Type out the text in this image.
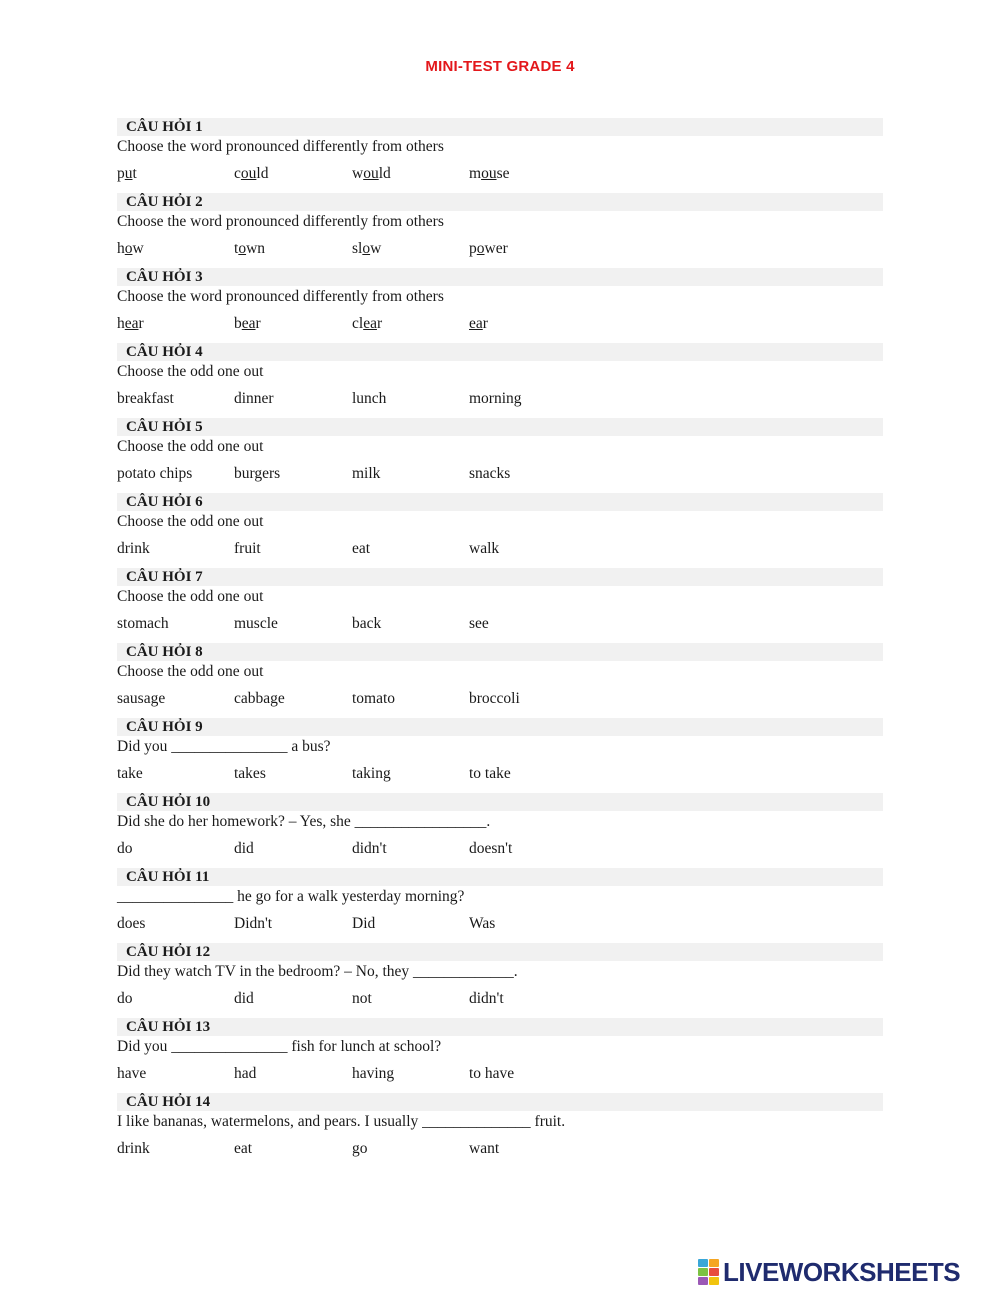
MINI-TEST GRADE 4
CÂU HỎI 1
Choose the word pronounced differently from others
put	could	would	mouse
CÂU HỎI 2
Choose the word pronounced differently from others
how	town	slow	power
CÂU HỎI 3
Choose the word pronounced differently from others
hear	bear	clear	ear
CÂU HỎI 4
Choose the odd one out
breakfast	dinner	lunch	morning
CÂU HỎI 5
Choose the odd one out
potato chips	burgers	milk	snacks
CÂU HỎI 6
Choose the odd one out
drink	fruit	eat	walk
CÂU HỎI 7
Choose the odd one out
stomach	muscle	back	see
CÂU HỎI 8
Choose the odd one out
sausage	cabbage	tomato	broccoli
CÂU HỎI 9
Did you _______________ a bus?
take	takes	taking	to take
CÂU HỎI 10
Did she do her homework? – Yes, she _________________.
do	did	didn't	doesn't
CÂU HỎI 11
_______________ he go for a walk yesterday morning?
does	Didn't	Did	Was
CÂU HỎI 12
Did they watch TV in the bedroom? – No, they _____________.
do	did	not	didn't
CÂU HỎI 13
Did you _______________ fish for lunch at school?
have	had	having	to have
CÂU HỎI 14
I like bananas, watermelons, and pears. I usually ______________ fruit.
drink	eat	go	want
LIVEWORKSHEETS
